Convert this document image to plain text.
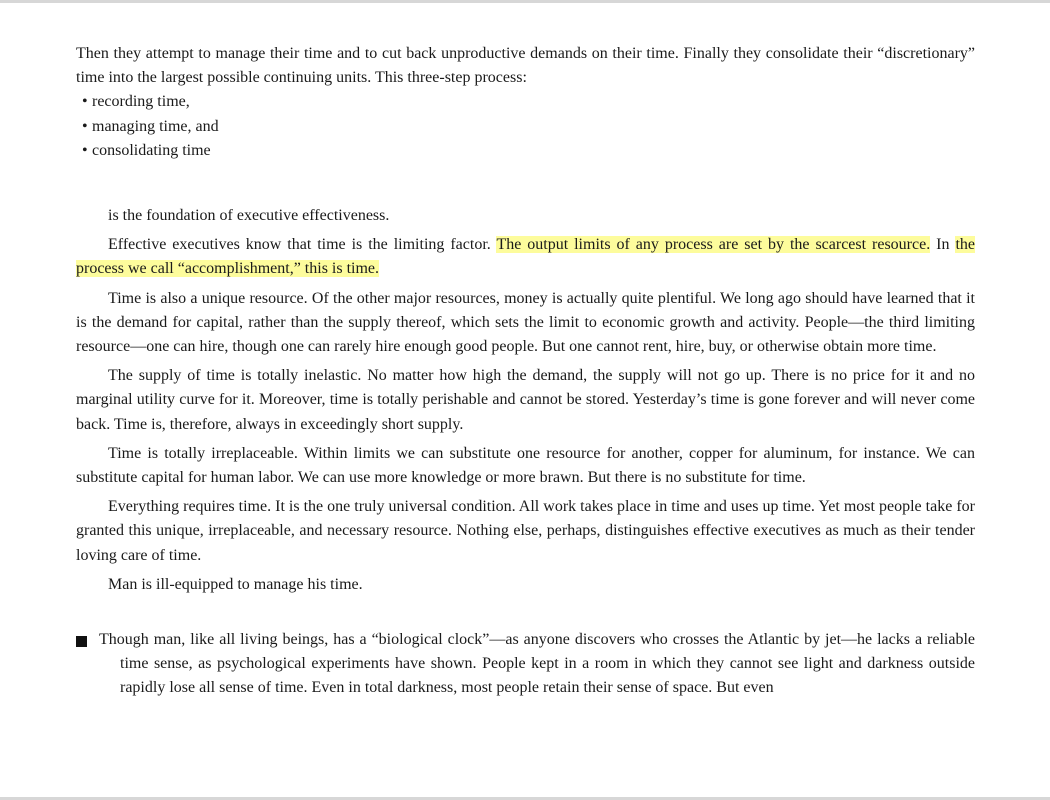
Then they attempt to manage their time and to cut back unproductive demands on their time. Finally they consolidate their “discretionary” time into the largest possible continuing units. This three-step process:

• recording time,
• managing time, and
• consolidating time

is the foundation of executive effectiveness.

Effective executives know that time is the limiting factor. The output limits of any process are set by the scarcest resource. In the process we call “accomplishment,” this is time.

Time is also a unique resource. Of the other major resources, money is actually quite plentiful. We long ago should have learned that it is the demand for capital, rather than the supply thereof, which sets the limit to economic growth and activity. People—the third limiting resource—one can hire, though one can rarely hire enough good people. But one cannot rent, hire, buy, or otherwise obtain more time.

The supply of time is totally inelastic. No matter how high the demand, the supply will not go up. There is no price for it and no marginal utility curve for it. Moreover, time is totally perishable and cannot be stored. Yesterday’s time is gone forever and will never come back. Time is, therefore, always in exceedingly short supply.

Time is totally irreplaceable. Within limits we can substitute one resource for another, copper for aluminum, for instance. We can substitute capital for human labor. We can use more knowledge or more brawn. But there is no substitute for time.

Everything requires time. It is the one truly universal condition. All work takes place in time and uses up time. Yet most people take for granted this unique, irreplaceable, and necessary resource. Nothing else, perhaps, distinguishes effective executives as much as their tender loving care of time.

Man is ill-equipped to manage his time.

Though man, like all living beings, has a “biological clock”—as anyone discovers who crosses the Atlantic by jet—he lacks a reliable time sense, as psychological experiments have shown. People kept in a room in which they cannot see light and darkness outside rapidly lose all sense of time. Even in total darkness, most people retain their sense of space. But even
